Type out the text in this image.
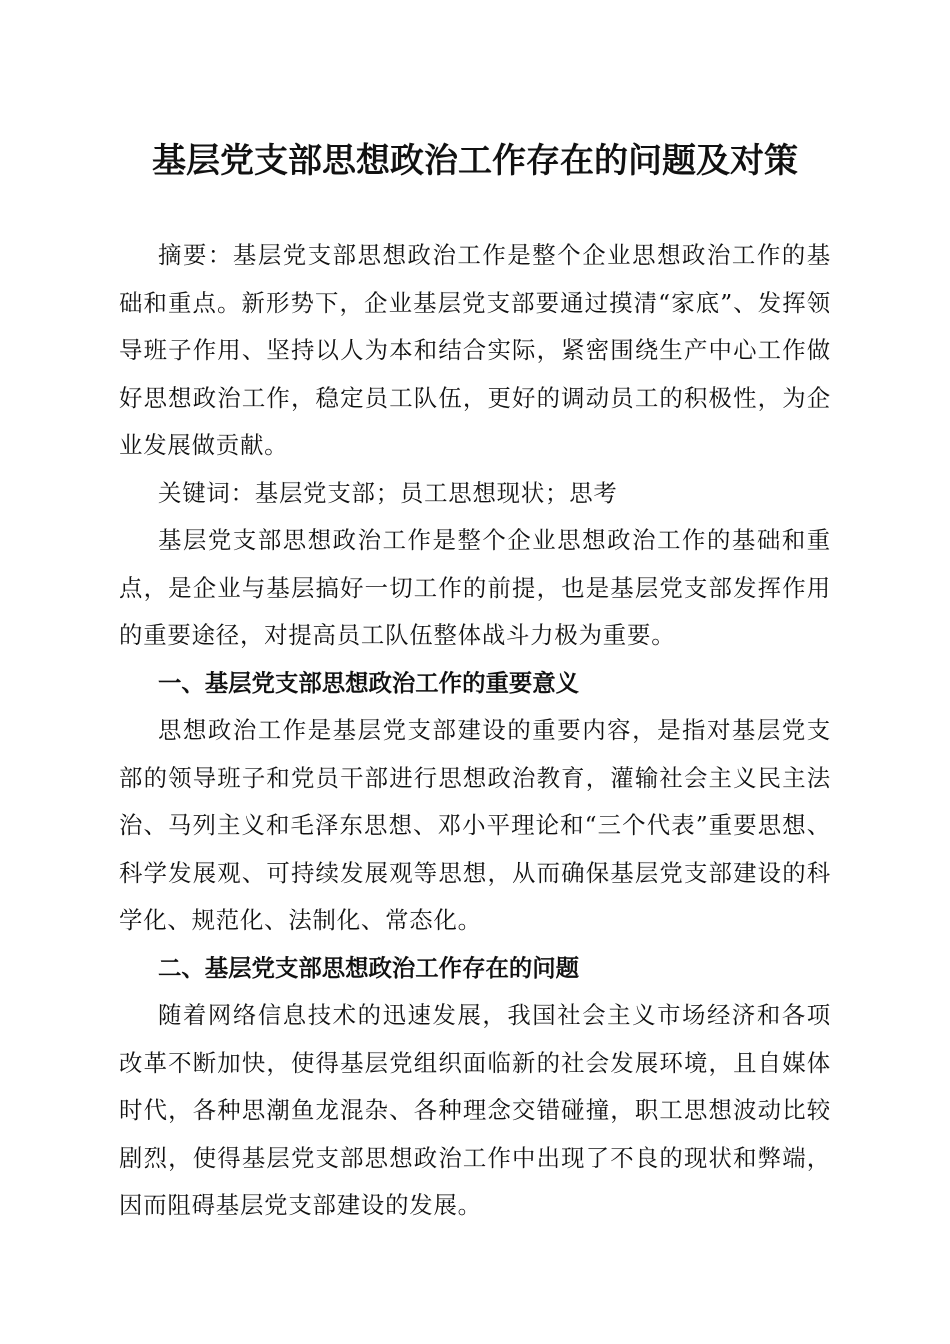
基层党支部思想政治工作存在的问题及对策

摘要：基层党支部思想政治工作是整个企业思想政治工作的基础和重点。新形势下，企业基层党支部要通过摸清“家底”、发挥领导班子作用、坚持以人为本和结合实际，紧密围绕生产中心工作做好思想政治工作，稳定员工队伍，更好的调动员工的积极性，为企业发展做贡献。

关键词：基层党支部；员工思想现状；思考

基层党支部思想政治工作是整个企业思想政治工作的基础和重点，是企业与基层搞好一切工作的前提，也是基层党支部发挥作用的重要途径，对提高员工队伍整体战斗力极为重要。

一、基层党支部思想政治工作的重要意义

思想政治工作是基层党支部建设的重要内容，是指对基层党支部的领导班子和党员干部进行思想政治教育，灌输社会主义民主法治、马列主义和毛泽东思想、邓小平理论和“三个代表”重要思想、科学发展观、可持续发展观等思想，从而确保基层党支部建设的科学化、规范化、法制化、常态化。

二、基层党支部思想政治工作存在的问题

随着网络信息技术的迅速发展，我国社会主义市场经济和各项改革不断加快，使得基层党组织面临新的社会发展环境，且自媒体时代，各种思潮鱼龙混杂、各种理念交错碰撞，职工思想波动比较剧烈，使得基层党支部思想政治工作中出现了不良的现状和弊端，因而阻碍基层党支部建设的发展。
